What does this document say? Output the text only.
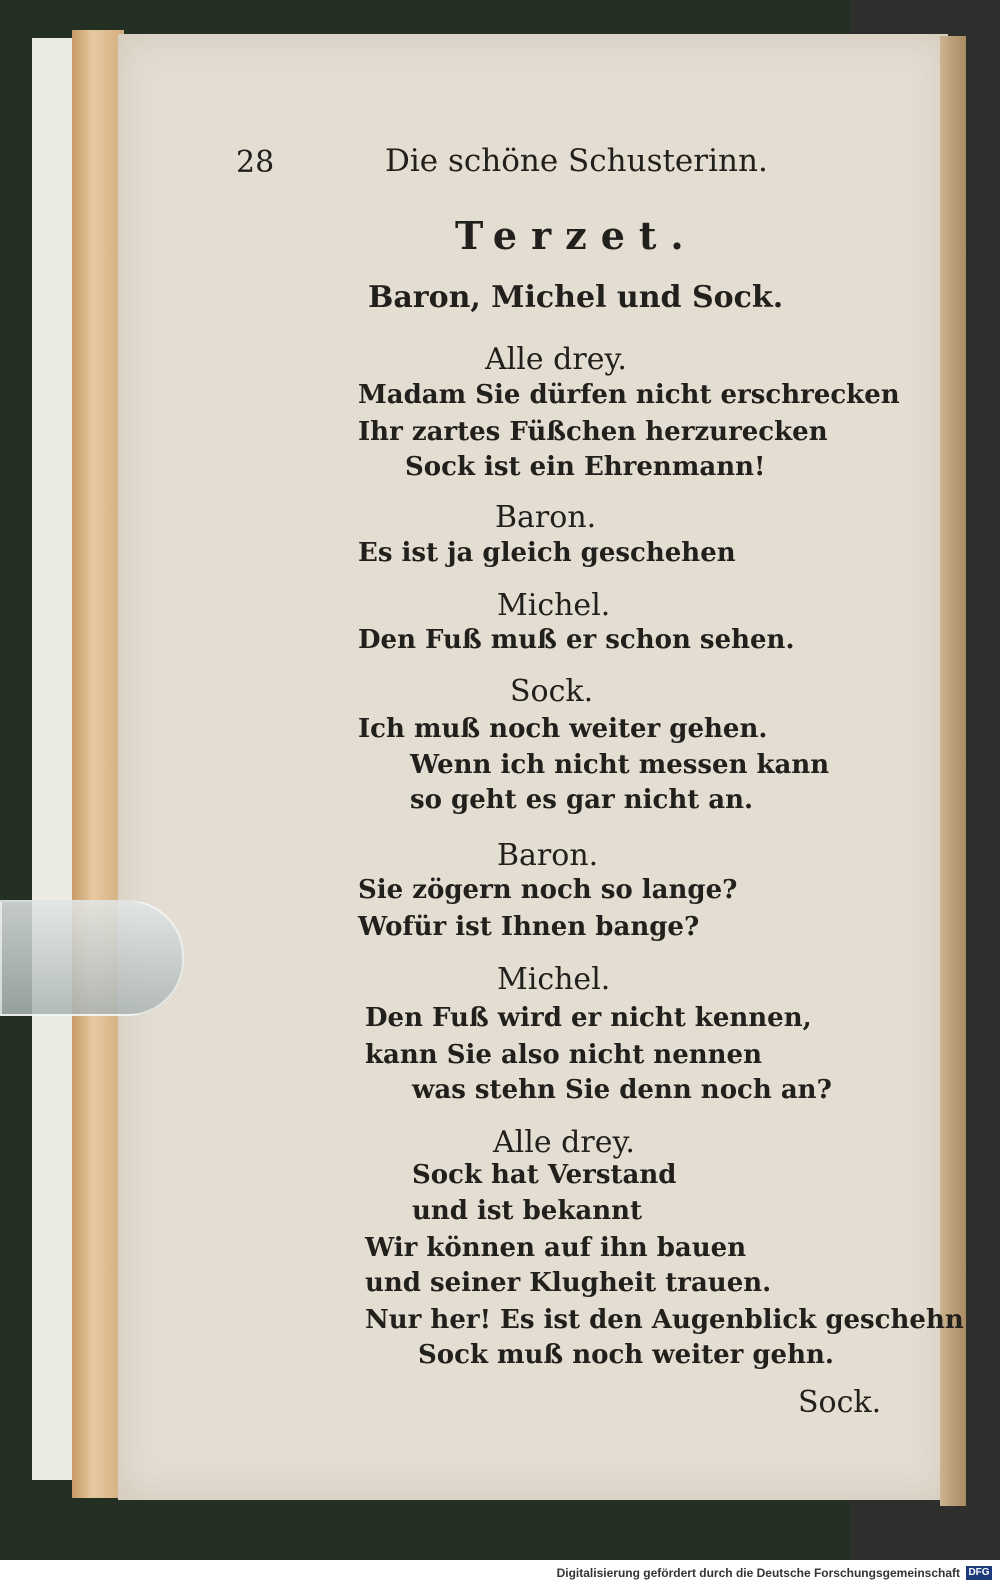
28	Die schöne Schusterinn.
Terzet.
Baron, Michel und Sock.
Alle drey.
Madam Sie dürfen nicht erschrecken
Ihr zartes Füßchen herzurecken
Sock ist ein Ehrenmann!
Baron.
Es ist ja gleich geschehen
Michel.
Den Fuß muß er schon sehen.
Sock.
Ich muß noch weiter gehen.
Wenn ich nicht messen kann
so geht es gar nicht an.
Baron.
Sie zögern noch so lange?
Wofür ist Ihnen bange?
Michel.
Den Fuß wird er nicht kennen,
kann Sie also nicht nennen
was stehn Sie denn noch an?
Alle drey.
Sock hat Verstand
und ist bekannt
Wir können auf ihn bauen
und seiner Klugheit trauen.
Nur her! Es ist den Augenblick geschehn
Sock muß noch weiter gehn.
Sock.
Digitalisierung gefördert durch die Deutsche Forschungsgemeinschaft DFG
